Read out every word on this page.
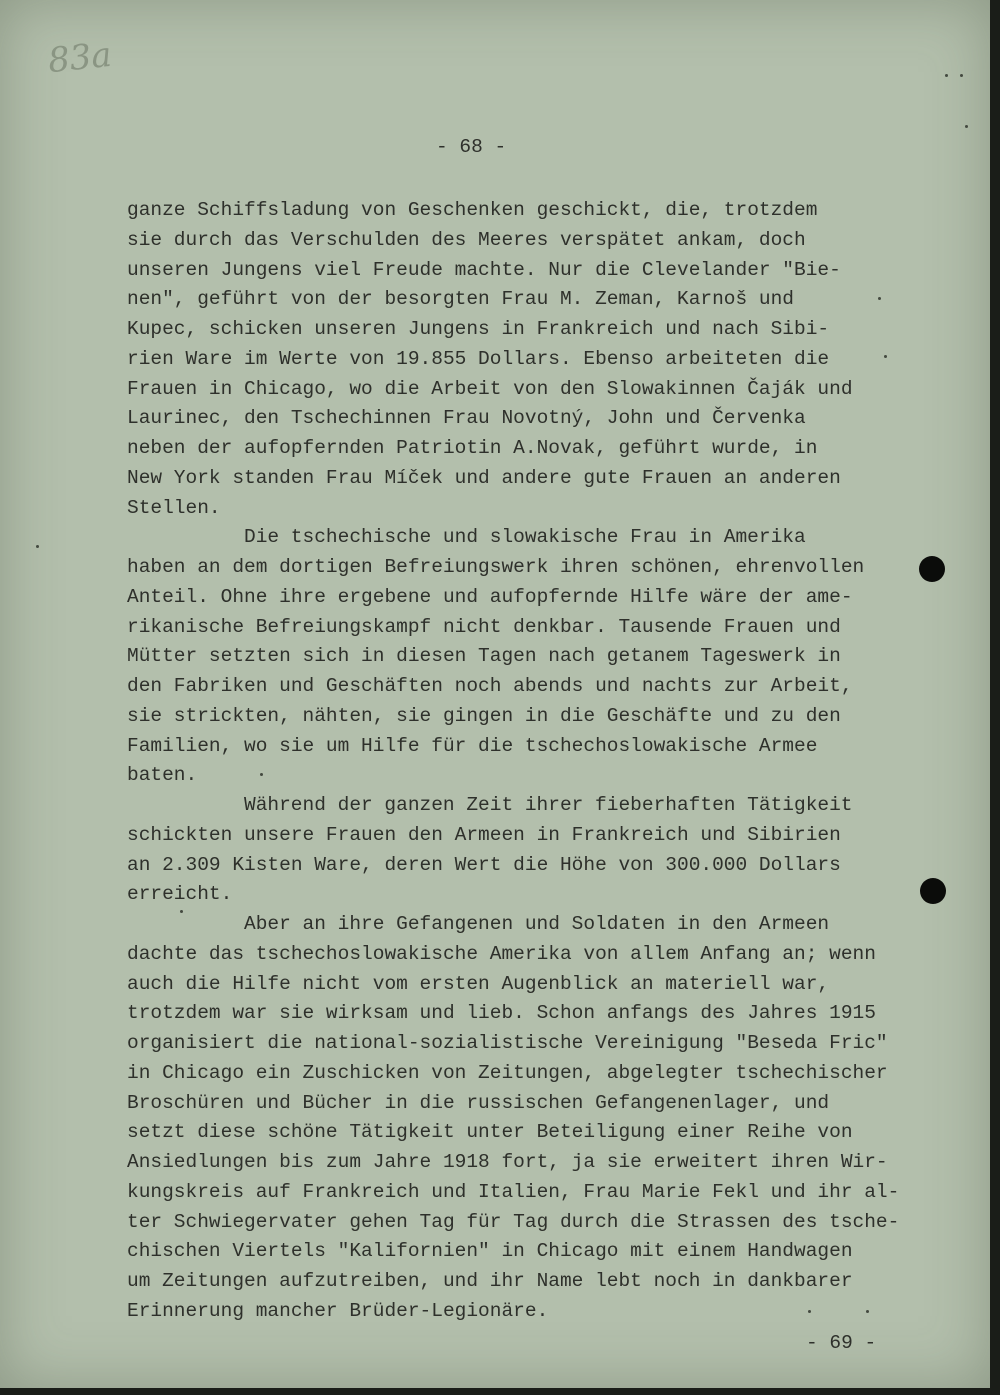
83a
- 68 -
ganze Schiffsladung von Geschenken geschickt, die, trotzdem
sie durch das Verschulden des Meeres verspätet ankam, doch
unseren Jungens viel Freude machte. Nur die Clevelander "Bie-
nen", geführt von der besorgten Frau M. Zeman, Karnoš und
Kupec, schicken unseren Jungens in Frankreich und nach Sibi-
rien Ware im Werte von 19.855 Dollars. Ebenso arbeiteten die
Frauen in Chicago, wo die Arbeit von den Slowakinnen Čaják und
Laurinec, den Tschechinnen Frau Novotný, John und Červenka
neben der aufopfernden Patriotin A.Novak, geführt wurde, in
New York standen Frau Míček und andere gute Frauen an anderen
Stellen.
Die tschechische und slowakische Frau in Amerika
haben an dem dortigen Befreiungswerk ihren schönen, ehrenvollen
Anteil. Ohne ihre ergebene und aufopfernde Hilfe wäre der ame-
rikanische Befreiungskampf nicht denkbar. Tausende Frauen und
Mütter setzten sich in diesen Tagen nach getanem Tageswerk in
den Fabriken und Geschäften noch abends und nachts zur Arbeit,
sie strickten, nähten, sie gingen in die Geschäfte und zu den
Familien, wo sie um Hilfe für die tschechoslowakische Armee
baten.
Während der ganzen Zeit ihrer fieberhaften Tätigkeit
schickten unsere Frauen den Armeen in Frankreich und Sibirien
an 2.309 Kisten Ware, deren Wert die Höhe von 300.000 Dollars
erreicht.
Aber an ihre Gefangenen und Soldaten in den Armeen
dachte das tschechoslowakische Amerika von allem Anfang an; wenn
auch die Hilfe nicht vom ersten Augenblick an materiell war,
trotzdem war sie wirksam und lieb. Schon anfangs des Jahres 1915
organisiert die national-sozialistische Vereinigung "Beseda Fric"
in Chicago ein Zuschicken von Zeitungen, abgelegter tschechischer
Broschüren und Bücher in die russischen Gefangenenlager, und
setzt diese schöne Tätigkeit unter Beteiligung einer Reihe von
Ansiedlungen bis zum Jahre 1918 fort, ja sie erweitert ihren Wir-
kungskreis auf Frankreich und Italien, Frau Marie Fekl und ihr al-
ter Schwiegervater gehen Tag für Tag durch die Strassen des tsche-
chischen Viertels "Kalifornien" in Chicago mit einem Handwagen
um Zeitungen aufzutreiben, und ihr Name lebt noch in dankbarer
Erinnerung mancher Brüder-Legionäre.
- 69 -
